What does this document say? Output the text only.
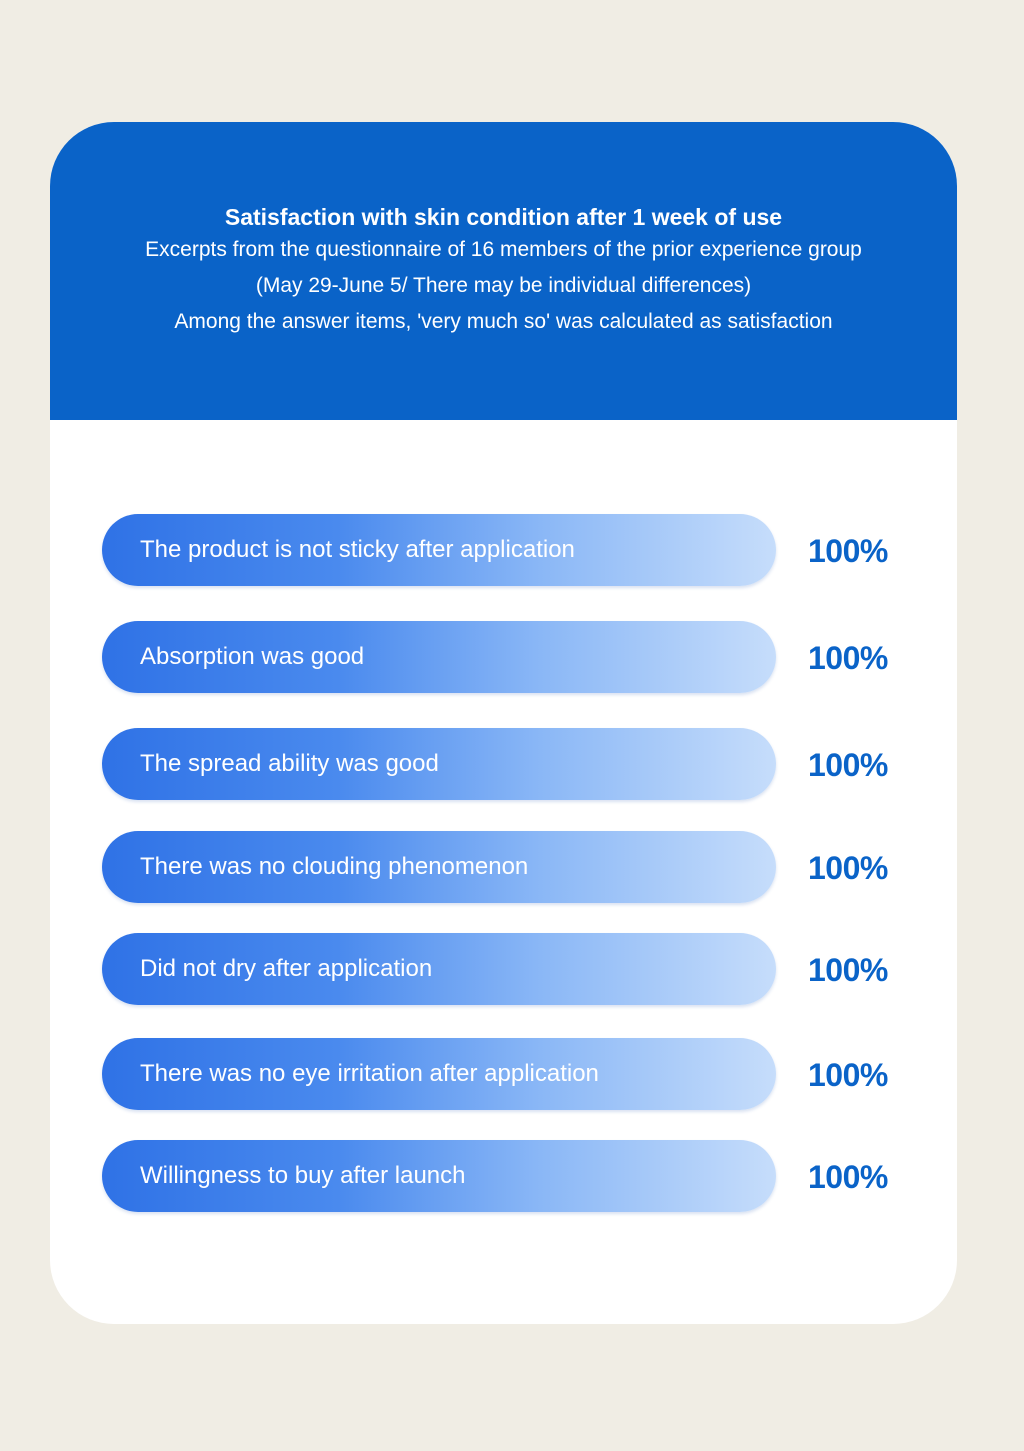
Satisfaction with skin condition after 1 week of use

Excerpts from the questionnaire of 16 members of the prior experience group

(May 29-June 5/ There may be individual differences)

Among the answer items, 'very much so' was calculated as satisfaction

The product is not sticky after application	100%
Absorption was good	100%
The spread ability was good	100%
There was no clouding phenomenon	100%
Did not dry after application	100%
There was no eye irritation after application	100%
Willingness to buy after launch	100%
